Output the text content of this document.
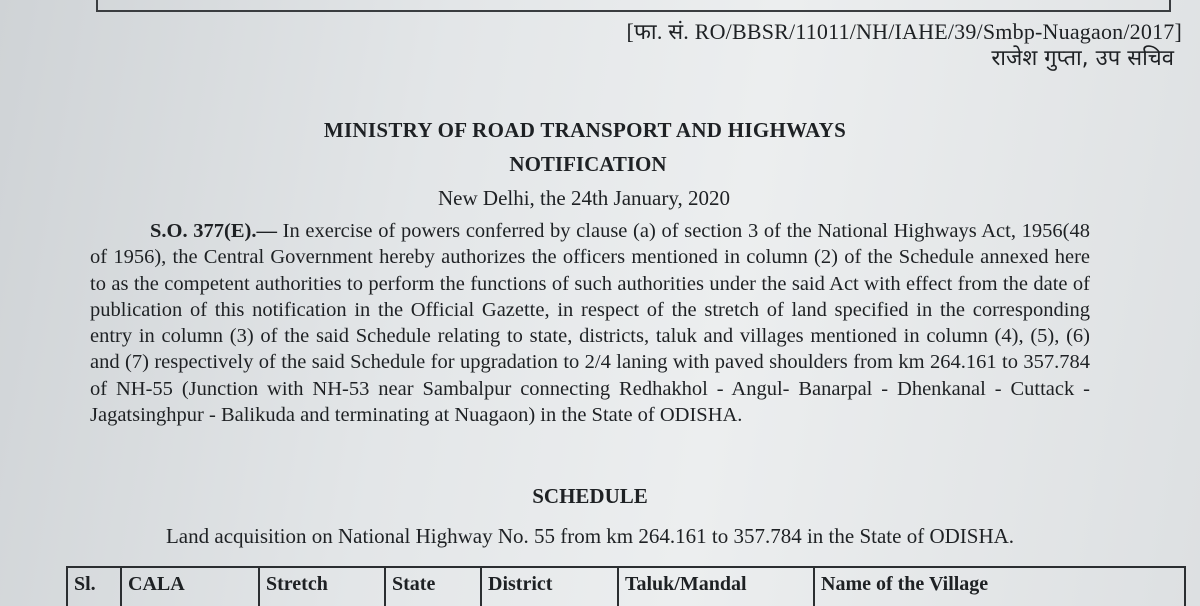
[फा. सं. RO/BBSR/11011/NH/IAHE/39/Smbp-Nuagaon/2017]
राजेश गुप्ता, उप सचिव
MINISTRY OF ROAD TRANSPORT AND HIGHWAYS
NOTIFICATION
New Delhi, the 24th January, 2020

S.O. 377(E).— In exercise of powers conferred by clause (a) of section 3 of the National Highways Act, 1956(48 of 1956), the Central Government hereby authorizes the officers mentioned in column (2) of the Schedule annexed here to as the competent authorities to perform the functions of such authorities under the said Act with effect from the date of publication of this notification in the Official Gazette, in respect of the stretch of land specified in the corresponding entry in column (3) of the said Schedule relating to state, districts, taluk and villages mentioned in column (4), (5), (6) and (7) respectively of the said Schedule for upgradation to 2/4 laning with paved shoulders from km 264.161 to 357.784 of NH-55 (Junction with NH-53 near Sambalpur connecting Redhakhol - Angul- Banarpal - Dhenkanal - Cuttack - Jagatsinghpur - Balikuda and terminating at Nuagaon) in the State of ODISHA.

SCHEDULE
Land acquisition on National Highway No. 55 from km 264.161 to 357.784 in the State of ODISHA.
Sl.	CALA	Stretch	State	District	Taluk/Mandal	Name of the Village
